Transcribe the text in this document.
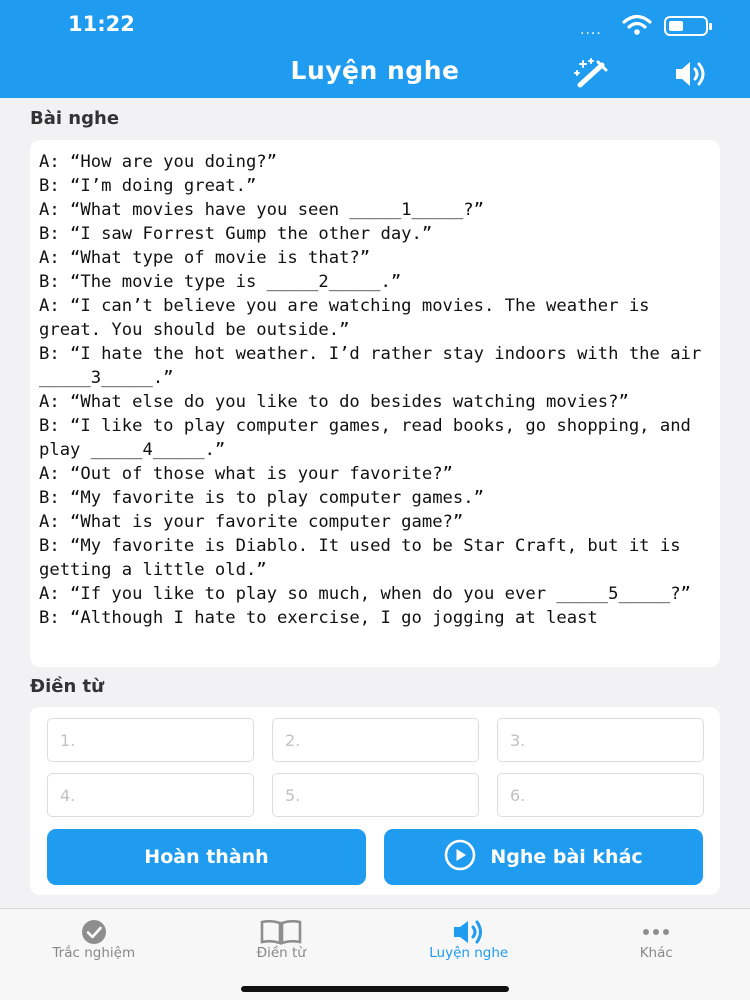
11:22	····
Luyện nghe
Bài nghe

A: “How are you doing?”

B: “I’m doing great.”

A: “What movies have you seen _____1_____?”

B: “I saw Forrest Gump the other day.”

A: “What type of movie is that?”

B: “The movie type is _____2_____.”

A: “I can’t believe you are watching movies. The weather is great. You should be outside.”

B: “I hate the hot weather. I’d rather stay indoors with the air _____3_____.”

A: “What else do you like to do besides watching movies?”

B: “I like to play computer games, read books, go shopping, and play _____4_____.”

A: “Out of those what is your favorite?”

B: “My favorite is to play computer games.”

A: “What is your favorite computer game?”

B: “My favorite is Diablo. It used to be Star Craft, but it is getting a little old.”

A: “If you like to play so much, when do you ever _____5_____?”

B: “Although I hate to exercise, I go jogging at least

Điền từ
1.
2.
3.
4.
5.
6.
Hoàn thành	Nghe bài khác
Trắc nghiệm	Điền từ	Luyện nghe	Khác
